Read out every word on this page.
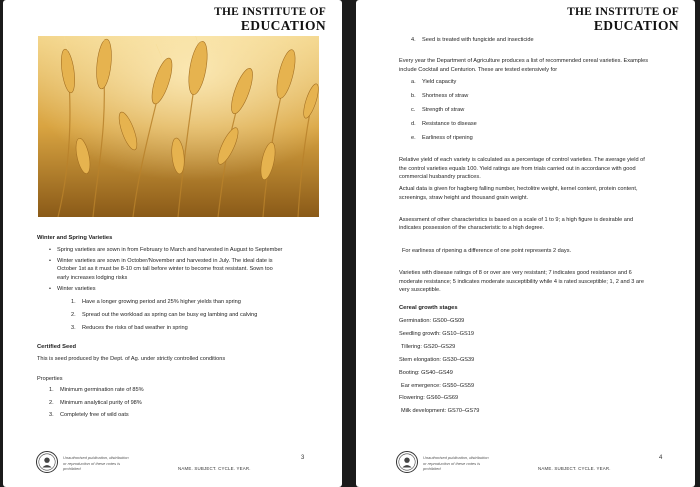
THE INSTITUTE OF
EDUCATION
Winter and Spring Varieties
• Spring varieties are sown in from February to March and harvested in August to September
• Winter varieties are sown in October/November and harvested in July. The ideal date is
October 1st as it must be 8-10 cm tall before winter to become frost resistant. Sown too
early increases lodging risks
• Winter varieties
1. Have a longer growing period and 25% higher yields than spring
2. Spread out the workload as spring can be busy eg lambing and calving
3. Reduces the risks of bad weather in spring
Certified Seed
This is seed produced by the Dept. of Ag. under strictly controlled conditions
Properties
1. Minimum germination rate of 85%
2. Minimum analytical purity of 98%
3. Completely free of wild oats
Unauthorised publication, distribution
or reproduction of these notes is prohibited	NAME. SUBJECT. CYCLE. YEAR.
3
THE INSTITUTE OF
EDUCATION
4. Seed is treated with fungicide and insecticide
Every year the Department of Agriculture produces a list of recommended cereal varieties. Examples
include Cocktail and Centurion. These are tested extensively for
a. Yield capacity
b. Shortness of straw
c. Strength of straw
d. Resistance to disease
e. Earliness of ripening
Relative yield of each variety is calculated as a percentage of control varieties. The average yield of
the control varieties equals 100. Yield ratings are from trials carried out in accordance with good
commercial husbandry practices.
Actual data is given for hagberg falling number, hectolitre weight, kernel content, protein content,
screenings, straw height and thousand grain weight.
Assessment of other characteristics is based on a scale of 1 to 9; a high figure is desirable and
indicates possession of the characteristic to a high degree.
For earliness of ripening a difference of one point represents 2 days.
Varieties with disease ratings of 8 or over are very resistant; 7 indicates good resistance and 6
moderate resistance; 5 indicates moderate susceptibility while 4 is rated susceptible; 1, 2 and 3 are
very susceptible.
Cereal growth stages
Germination: GS00–GS09
Seedling growth: GS10–GS19
Tillering: GS20–GS29
Stem elongation: GS30–GS39
Booting: GS40–GS49
Ear emergence: GS50–GS59
Flowering: GS60–GS69
Milk development: GS70–GS79
Unauthorised publication, distribution
or reproduction of these notes is prohibited	NAME. SUBJECT. CYCLE. YEAR.
4
